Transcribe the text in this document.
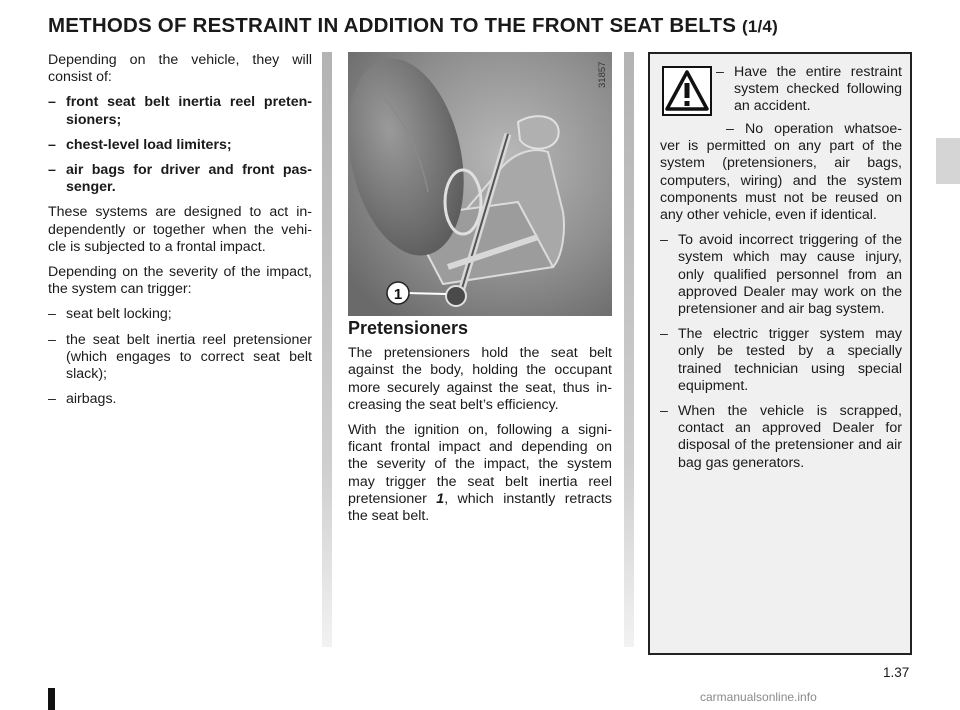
METHODS OF RESTRAINT IN ADDITION TO THE FRONT SEAT BELTS (1/4)

Depending on the vehicle, they will consist of:

– front seat belt inertia reel preten-sioners;
– chest-level load limiters;
– air bags for driver and front pas-senger.

These systems are designed to act in-dependently or together when the vehi-cle is subjected to a frontal impact.

Depending on the severity of the impact, the system can trigger:

– seat belt locking;
– the seat belt inertia reel pretensioner (which engages to correct seat belt slack);
– airbags.
1
31857
Pretensioners

The pretensioners hold the seat belt against the body, holding the occupant more securely against the seat, thus in-creasing the seat belt’s efficiency.

With the ignition on, following a signi-ficant frontal impact and depending on the severity of the impact, the system may trigger the seat belt inertia reel pretensioner 1, which instantly retracts the seat belt.

– Have the entire restraint system checked following an accident.
– No operation whatsoe- ver is permitted on any part of the system (pretensioners, air bags, computers, wiring) and the system components must not be reused on any other vehicle, even if identical.
– To avoid incorrect triggering of the system which may cause injury, only qualified personnel from an approved Dealer may work on the pretensioner and air bag system.
– The electric trigger system may only be tested by a specially trained technician using special equipment.
– When the vehicle is scrapped, contact an approved Dealer for disposal of the pretensioner and air bag gas generators.
1.37
carmanualsonline.info
